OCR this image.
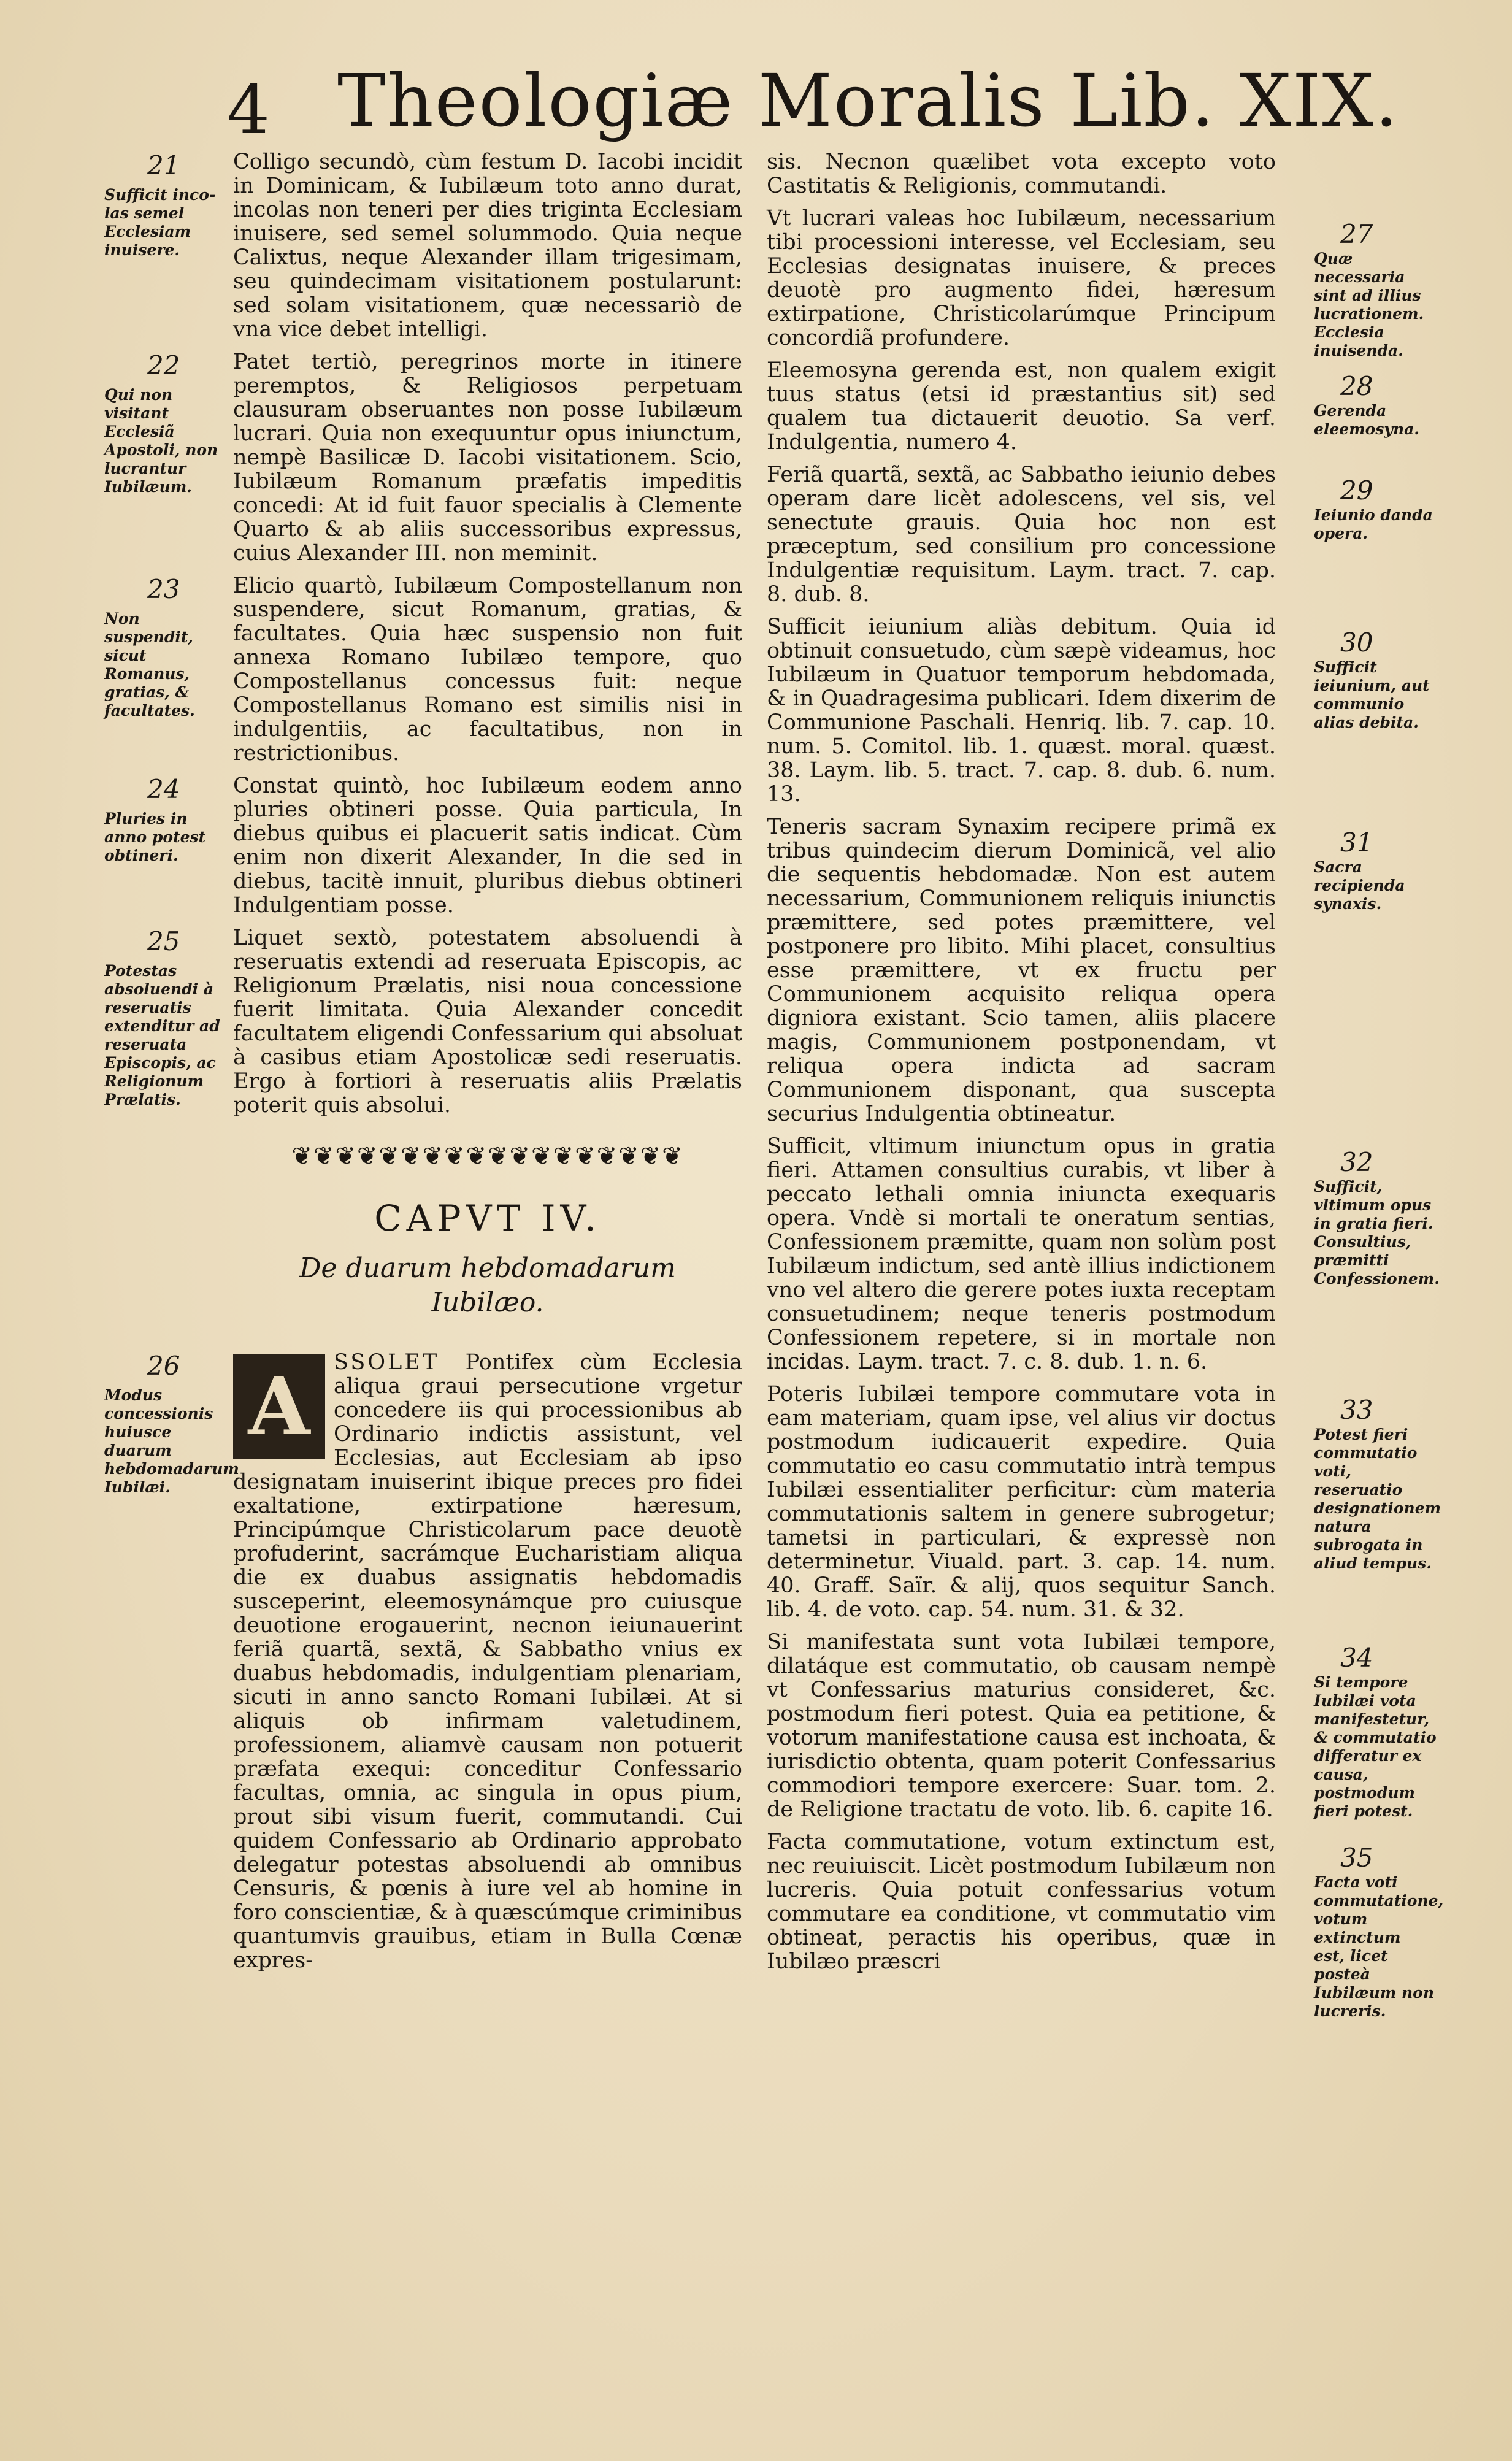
4 Theologiæ Moralis Lib. XIX.
21
Sufficit inco-las semel Ecclesiam inuisere.

Colligo secundò, cùm festum D. Iacobi incidit in Dominicam, & Iubilæum toto anno durat, incolas non teneri per dies triginta Ecclesiam inuisere, sed semel solummodo. Quia neque Calixtus, neque Alexander illam trigesimam, seu quindecimam visitationem postularunt: sed solam visitationem, quæ necessariò de vna vice debet intelligi.

22
Qui non visitant Ecclesiã Apostoli, non lucrantur Iubilæum.

Patet tertiò, peregrinos morte in itinere peremptos, & Religiosos perpetuam clausuram obseruantes non posse Iubilæum lucrari. Quia non exequuntur opus iniunctum, nempè Basilicæ D. Iacobi visitationem. Scio, Iubilæum Romanum præfatis impeditis concedi: At id fuit fauor specialis à Clemente Quarto & ab aliis successoribus expressus, cuius Alexander III. non meminit.

23
Non suspendit, sicut Romanus, gratias, & facultates.

Elicio quartò, Iubilæum Compostellanum non suspendere, sicut Romanum, gratias, & facultates. Quia hæc suspensio non fuit annexa Romano Iubilæo tempore, quo Compostellanus concessus fuit: neque Compostellanus Romano est similis nisi in indulgentiis, ac facultatibus, non in restrictionibus.

24
Pluries in anno potest obtineri.

Constat quintò, hoc Iubilæum eodem anno pluries obtineri posse. Quia particula, In diebus quibus ei placuerit satis indicat. Cùm enim non dixerit Alexander, In die sed in diebus, tacitè innuit, pluribus diebus obtineri Indulgentiam posse.

25
Potestas absoluendi à reseruatis extenditur ad reseruata Episcopis, ac Religionum Prælatis.

Liquet sextò, potestatem absoluendi à reseruatis extendi ad reseruata Episcopis, ac Religionum Prælatis, nisi noua concessione fuerit limitata. Quia Alexander concedit facultatem eligendi Confessarium qui absoluat à casibus etiam Apostolicæ sedi reseruatis. Ergo à fortiori à reseruatis aliis Prælatis poterit quis absolui.

❦❦❦❦❦❦❦❦❦❦❦❦❦❦❦❦❦❦
CAPVT IV.
De duarum hebdomadarum
Iubilæo.
26
Modus concessionis huiusce duarum hebdomadarum Iubilæi.

A	SSOLET Pontifex cùm Ecclesia aliqua graui persecutione vrgetur concedere iis qui processionibus ab Ordinario indictis assistunt, vel Ecclesias, aut Ecclesiam ab ipso designatam inuiserint ibique preces pro fidei exaltatione, extirpatione hæresum, Principúmque Christicolarum pace deuotè profuderint, sacrámque Eucharistiam aliqua die ex duabus assignatis hebdomadis susceperint, eleemosynámque pro cuiusque deuotione erogauerint, necnon ieiunauerint feriã quartã, sextã, & Sabbatho vnius ex duabus hebdomadis, indulgentiam plenariam, sicuti in anno sancto Romani Iubilæi. At si aliquis ob infirmam valetudinem, professionem, aliamvè causam non potuerit præfata exequi: conceditur Confessario facultas, omnia, ac singula in opus pium, prout sibi visum fuerit, commutandi. Cui quidem Confessario ab Ordinario approbato delegatur potestas absoluendi ab omnibus Censuris, & pœnis à iure vel ab homine in foro conscientiæ, & à quæscúmque criminibus quantumvis grauibus, etiam in Bulla Cœnæ expres-

sis. Necnon quælibet vota excepto voto Castitatis & Religionis, commutandi.

27
Quæ necessaria sint ad illius lucrationem. Ecclesia inuisenda.

Vt lucrari valeas hoc Iubilæum, necessarium tibi processioni interesse, vel Ecclesiam, seu Ecclesias designatas inuisere, & preces deuotè pro augmento fidei, hæresum extirpatione, Christicolarúmque Principum concordiã profundere.

28
Gerenda eleemosyna.

Eleemosyna gerenda est, non qualem exigit tuus status (etsi id præstantius sit) sed qualem tua dictauerit deuotio. Sa verf. Indulgentia, numero 4.

29
Ieiunio danda opera.

Feriã quartã, sextã, ac Sabbatho ieiunio debes operam dare licèt adolescens, vel sis, vel senectute grauis. Quia hoc non est præceptum, sed consilium pro concessione Indulgentiæ requisitum. Laym. tract. 7. cap. 8. dub. 8.

30
Sufficit ieiunium, aut communio alias debita.

Sufficit ieiunium aliàs debitum. Quia id obtinuit consuetudo, cùm sæpè videamus, hoc Iubilæum in Quatuor temporum hebdomada, & in Quadragesima publicari. Idem dixerim de Communione Paschali. Henriq. lib. 7. cap. 10. num. 5. Comitol. lib. 1. quæst. moral. quæst. 38. Laym. lib. 5. tract. 7. cap. 8. dub. 6. num. 13.

31
Sacra recipienda synaxis.

Teneris sacram Synaxim recipere primã ex tribus quindecim dierum Dominicã, vel alio die sequentis hebdomadæ. Non est autem necessarium, Communionem reliquis iniunctis præmittere, sed potes præmittere, vel postponere pro libito. Mihi placet, consultius esse præmittere, vt ex fructu per Communionem acquisito reliqua opera digniora existant. Scio tamen, aliis placere magis, Communionem postponendam, vt reliqua opera indicta ad sacram Communionem disponant, qua suscepta securius Indulgentia obtineatur.

32
Sufficit, vltimum opus in gratia fieri. Consultius, præmitti Confessionem.

Sufficit, vltimum iniunctum opus in gratia fieri. Attamen consultius curabis, vt liber à peccato lethali omnia iniuncta exequaris opera. Vndè si mortali te oneratum sentias, Confessionem præmitte, quam non solùm post Iubilæum indictum, sed antè illius indictionem vno vel altero die gerere potes iuxta receptam consuetudinem; neque teneris postmodum Confessionem repetere, si in mortale non incidas. Laym. tract. 7. c. 8. dub. 1. n. 6.

33
Potest fieri commutatio voti, reseruatio designationem natura subrogata in aliud tempus.

Poteris Iubilæi tempore commutare vota in eam materiam, quam ipse, vel alius vir doctus postmodum iudicauerit expedire. Quia commutatio eo casu commutatio intrà tempus Iubilæi essentialiter perficitur: cùm materia commutationis saltem in genere subrogetur; tametsi in particulari, & expressè non determinetur. Viuald. part. 3. cap. 14. num. 40. Graff. Saïr. & alij, quos sequitur Sanch. lib. 4. de voto. cap. 54. num. 31. & 32.

34
Si tempore Iubilæi vota manifestetur, & commutatio differatur ex causa, postmodum fieri potest.

Si manifestata sunt vota Iubilæi tempore, dilatáque est commutatio, ob causam nempè vt Confessarius maturius consideret, &c. postmodum fieri potest. Quia ea petitione, & votorum manifestatione causa est inchoata, & iurisdictio obtenta, quam poterit Confessarius commodiori tempore exercere: Suar. tom. 2. de Religione tractatu de voto. lib. 6. capite 16.

35
Facta voti commutatione, votum extinctum est, licet posteà Iubilæum non lucreris.

Facta commutatione, votum extinctum est, nec reuiuiscit. Licèt postmodum Iubilæum non lucreris. Quia potuit confessarius votum commutare ea conditione, vt commutatio vim obtineat, peractis his operibus, quæ in Iubilæo præscri
